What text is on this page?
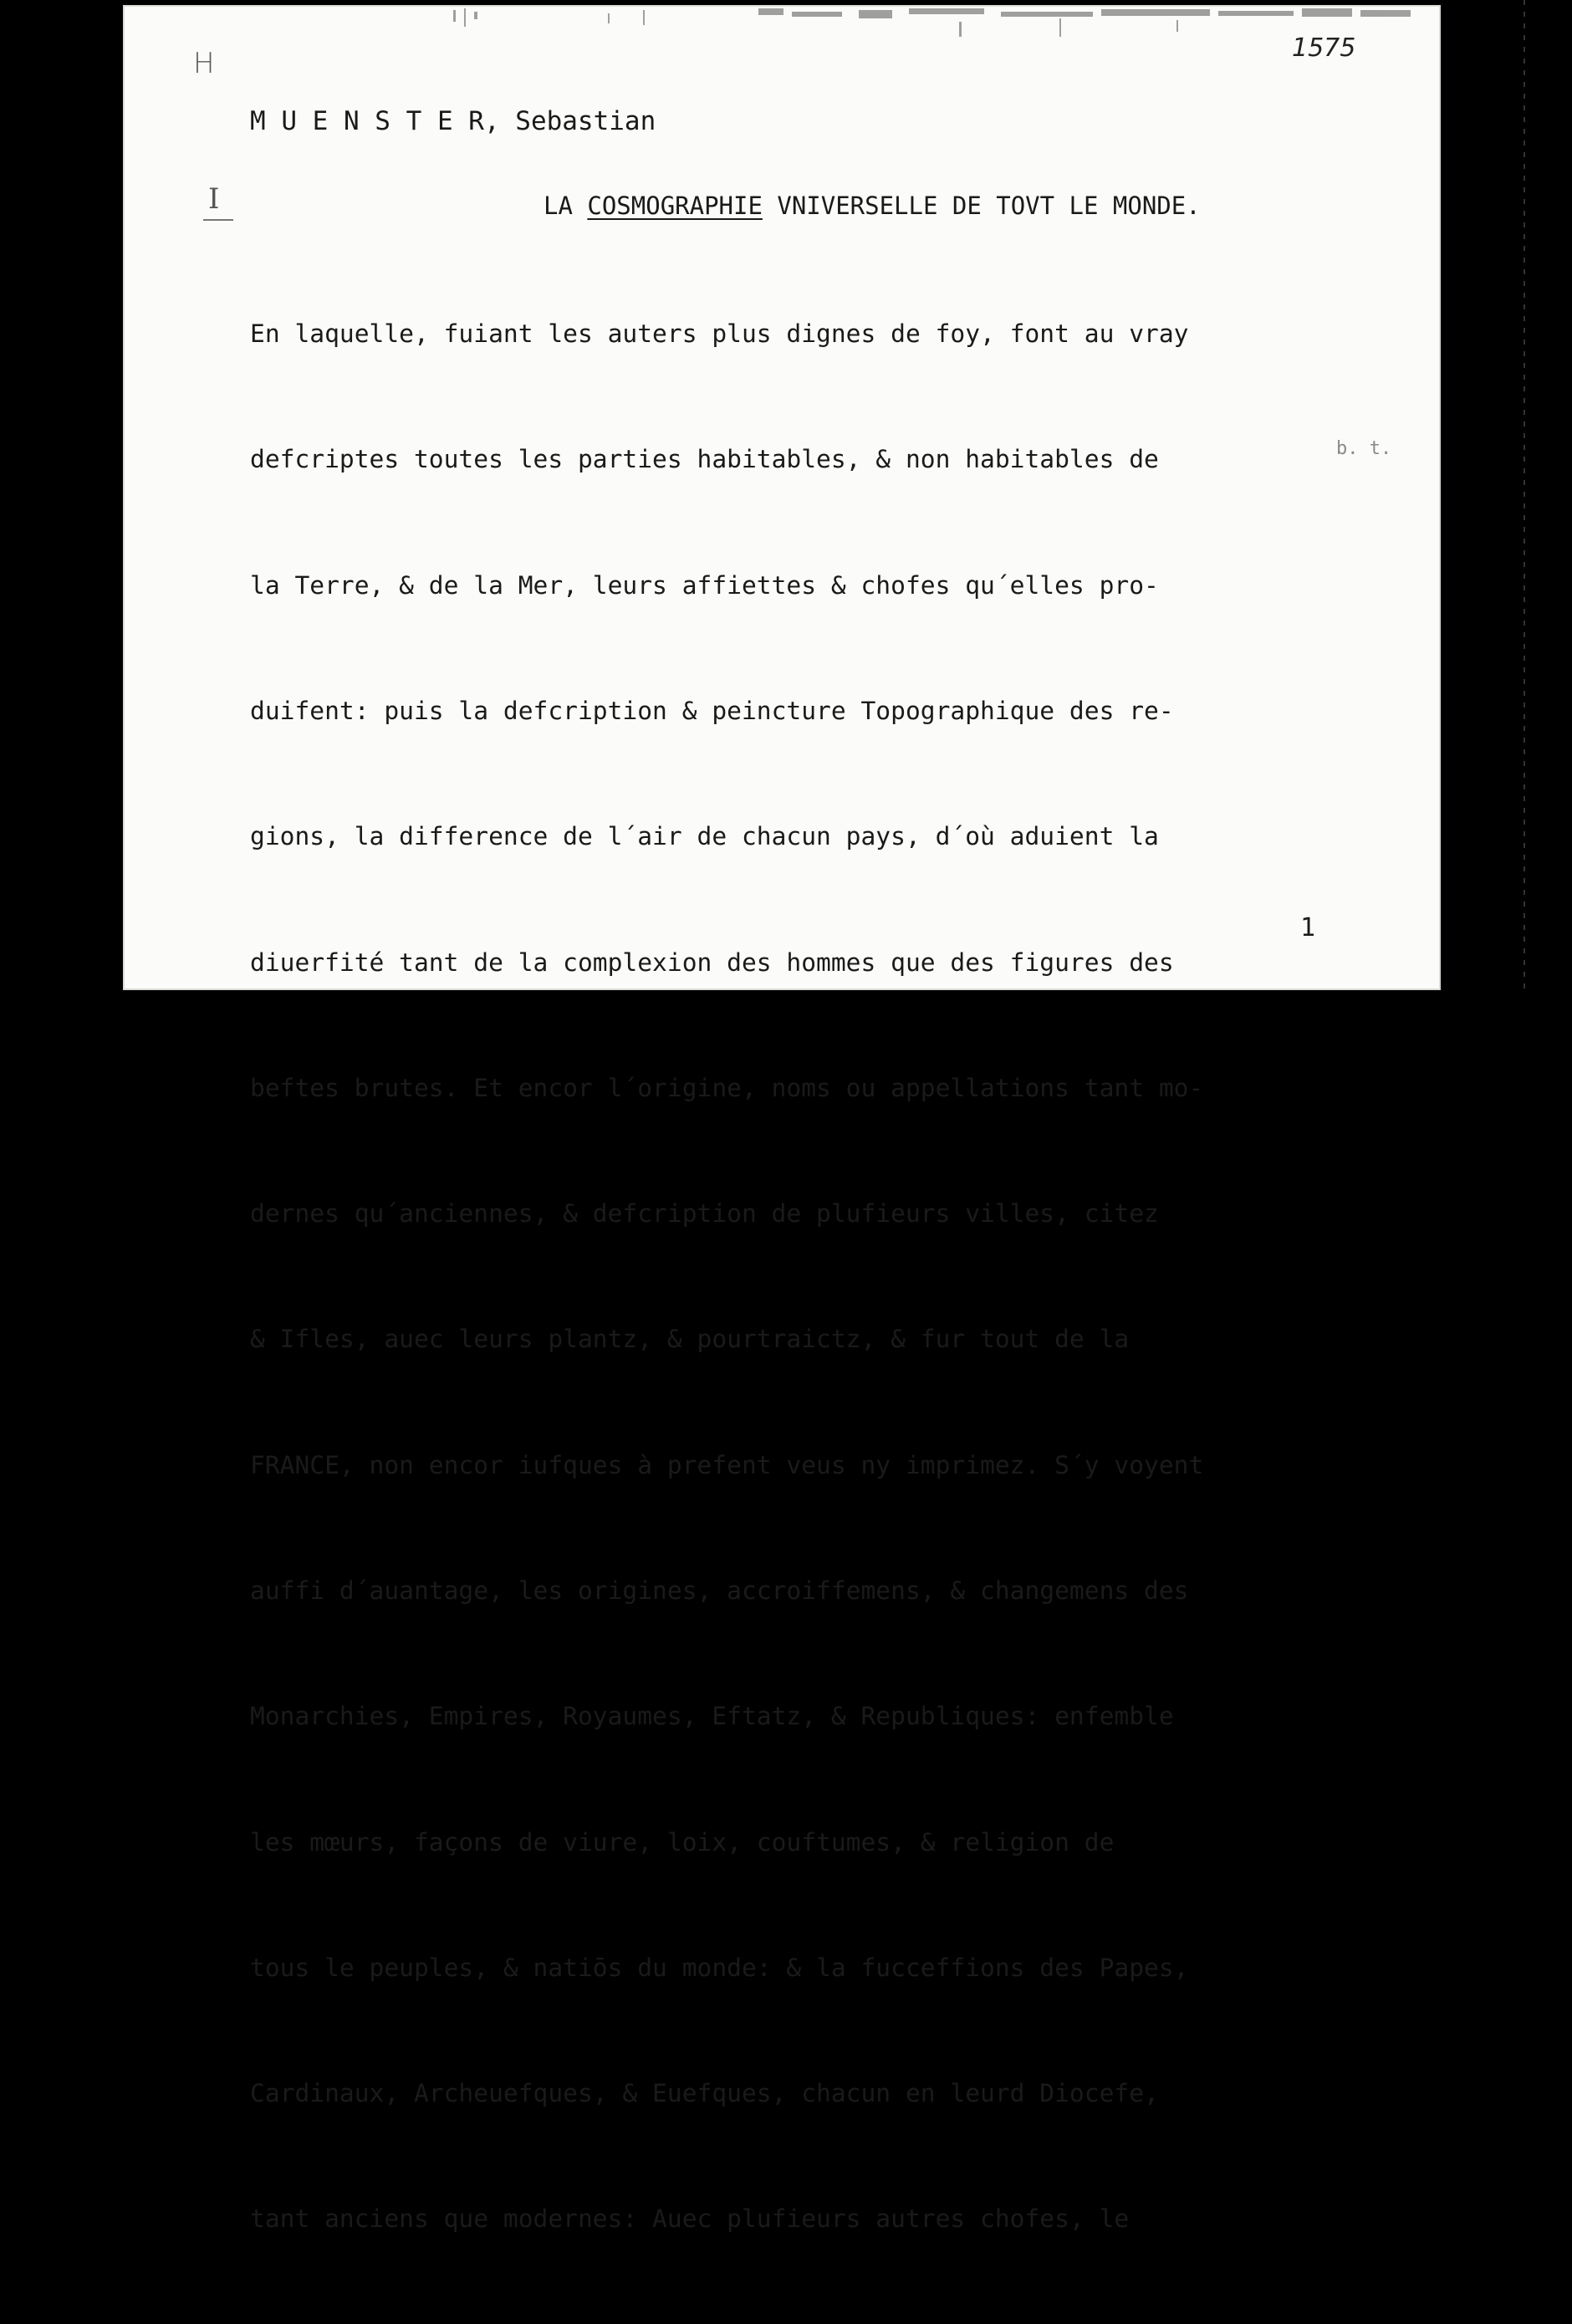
H	1575
M U E N S T E R, Sebastian
I	LA COSMOGRAPHIE VNIVERSELLE DE TOVT LE MONDE.

En laquelle, fuiant les auters plus dignes de foy, font au vray

defcriptes toutes les parties habitables, & non habitables de

la Terre, & de la Mer, leurs affiettes & chofes qu´elles pro-

duifent: puis la defcription & peincture Topographique des re-

gions, la difference de l´air de chacun pays, d´où aduient la

diuerfité tant de la complexion des hommes que des figures des

beftes brutes. Et encor l´origine, noms ou appellations tant mo-

dernes qu´anciennes, & defcription de plufieurs villes, citez

& Ifles, auec leurs plantz, & pourtraictz, & fur tout de la

FRANCE, non encor iufques à prefent veus ny imprimez. S´y voyent

auffi d´auantage, les origines, accroiffemens, & changemens des

Monarchies, Empires, Royaumes, Eftatz, & Republiques: enfemble

les mœurs, façons de viure, loix, couftumes, & religion de

tous le peuples, & natiōs du monde: & la fucceffions des Papes,

Cardinaux, Archeuefques, & Euefques, chacun en leurd Diocefe,

tant anciens que modernes: Auec plufieurs autres chofes, le

b. t.
1
